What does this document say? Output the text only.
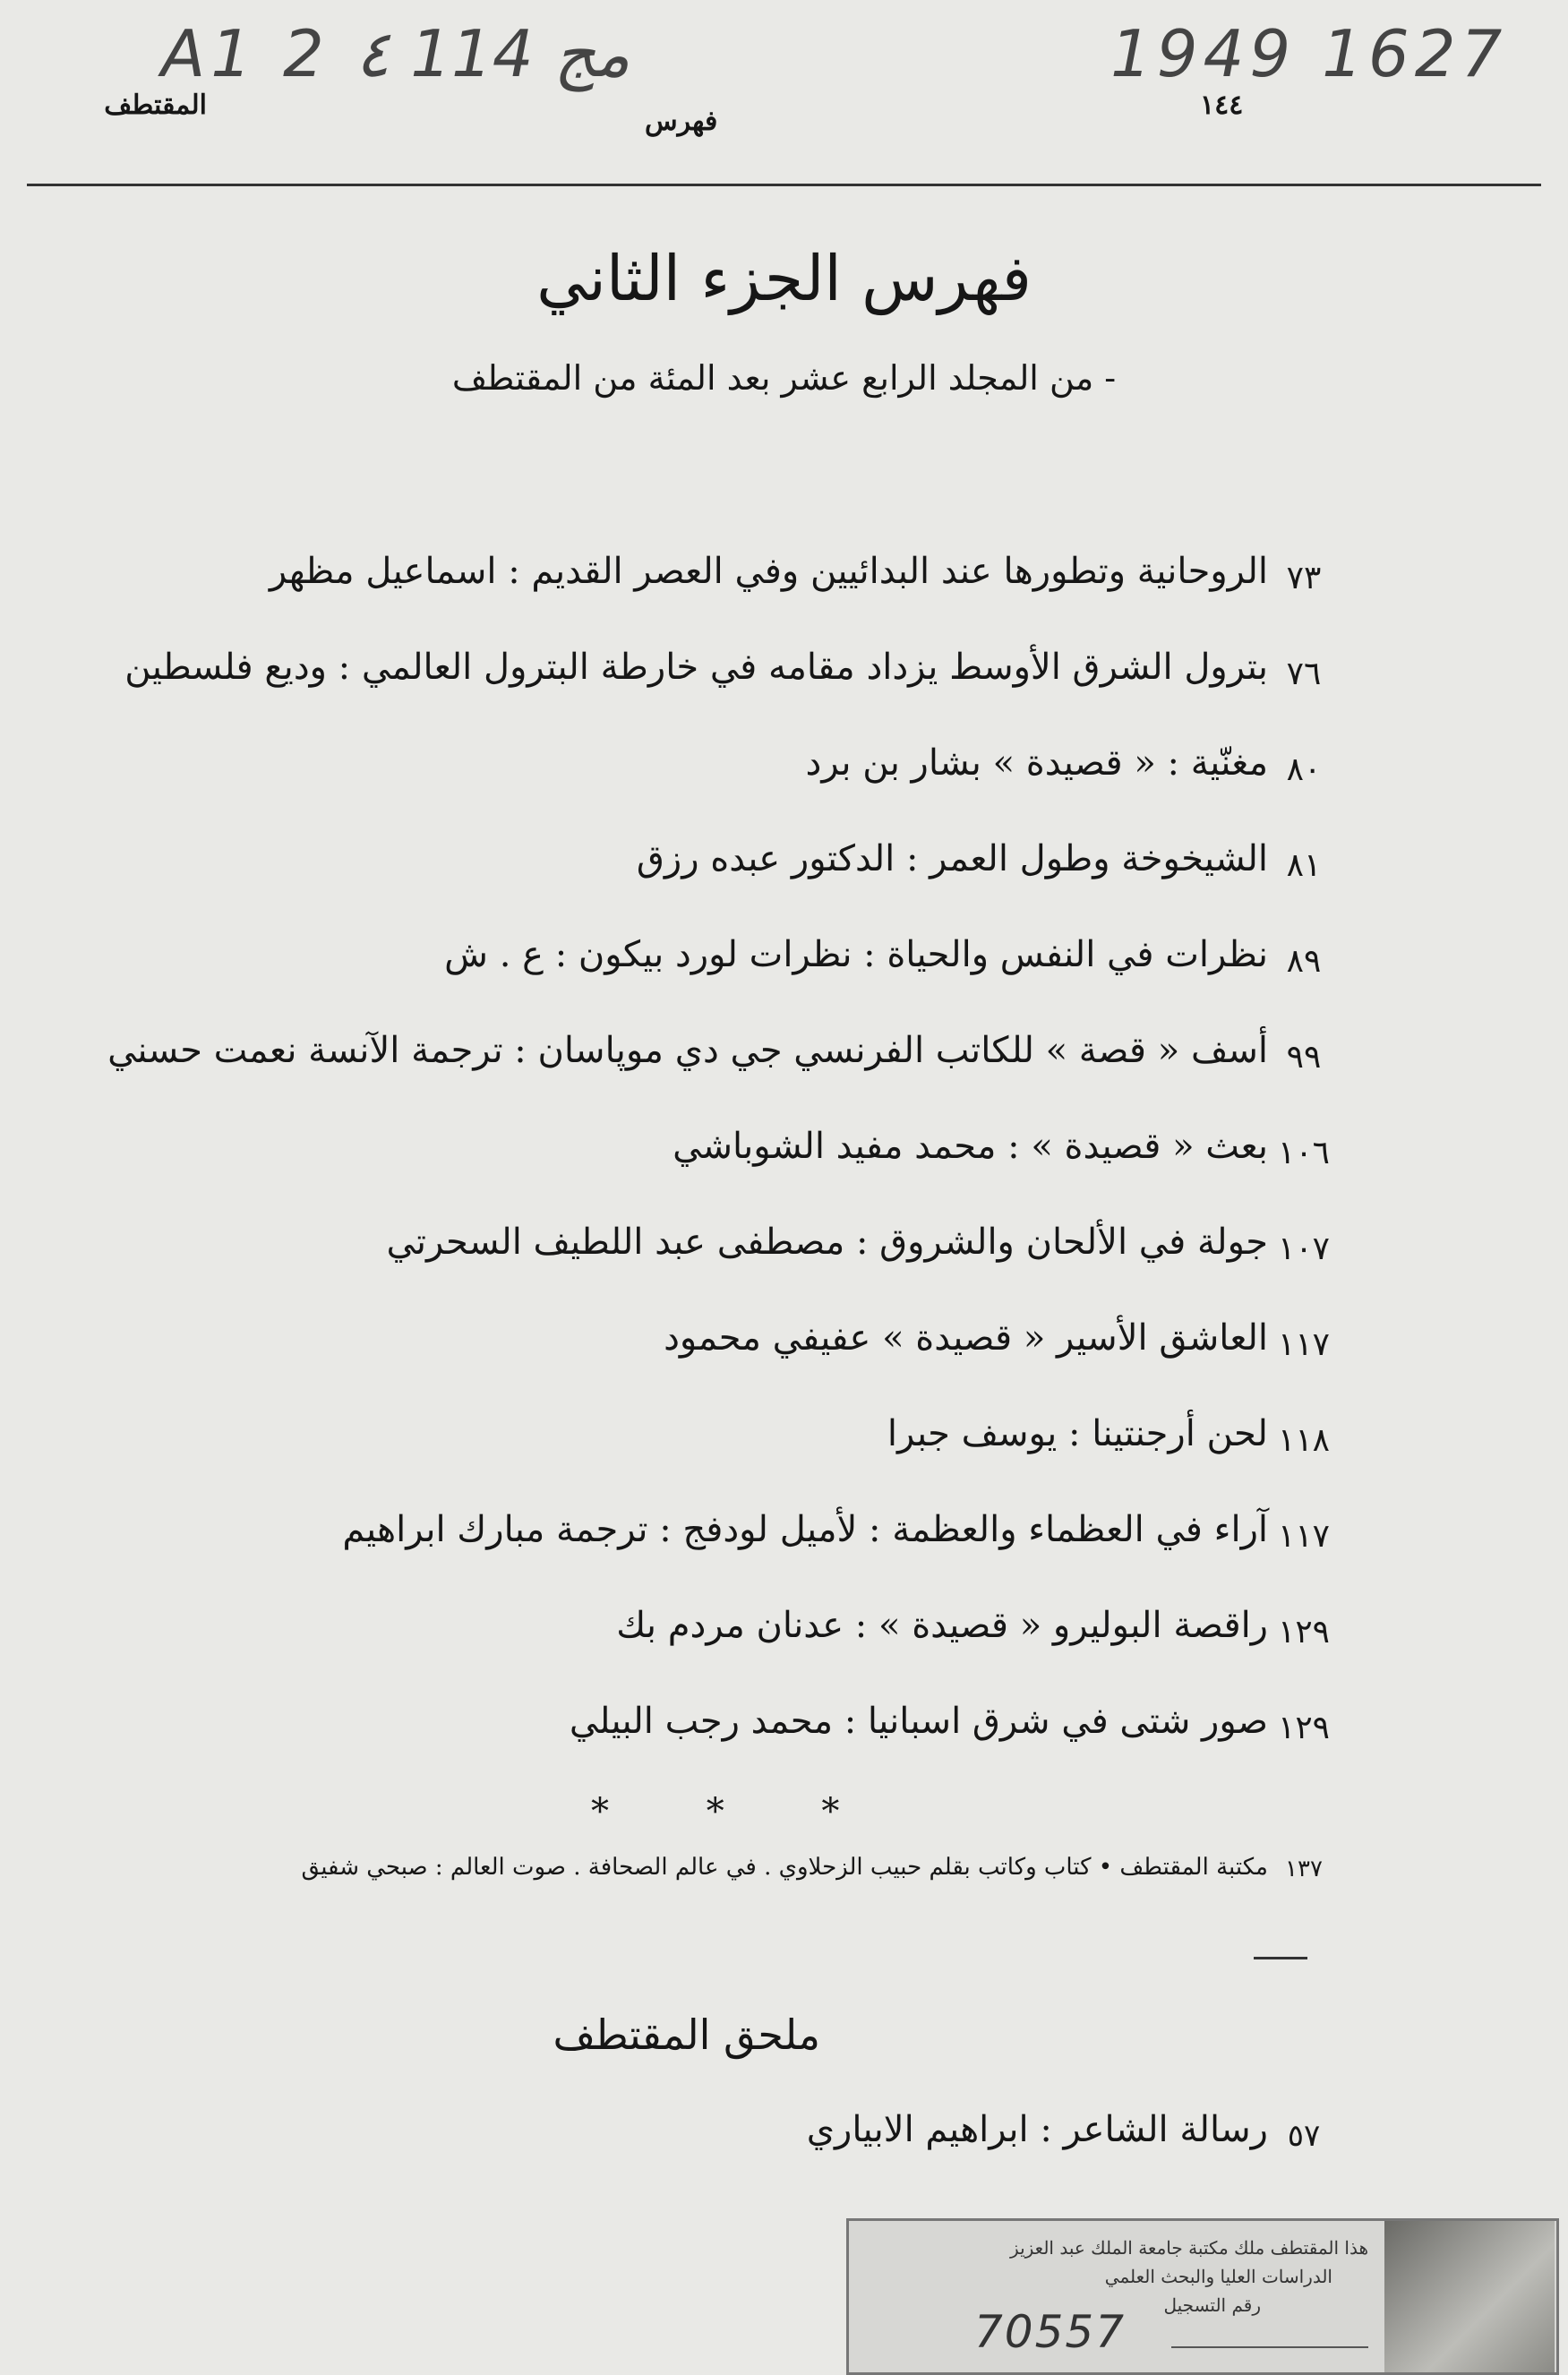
A1 2 ٤ 114 مج	1949 1627
المقتطف
فهرس
١٤٤
فهرس الجزء الثاني
- من المجلد الرابع عشر بعد المئة من المقتطف
٧٣
الروحانية وتطورها عند البدائيين وفي العصر القديم : اسماعيل مظهر
٧٦
بترول الشرق الأوسط يزداد مقامه في خارطة البترول العالمي : وديع فلسطين
٨٠
مغنّية : « قصيدة » بشار بن برد
٨١
الشيخوخة وطول العمر : الدكتور عبده رزق
٨٩
نظرات في النفس والحياة : نظرات لورد بيكون : ع . ش
٩٩
أسف « قصة » للكاتب الفرنسي جي دي موپاسان : ترجمة الآنسة نعمت حسني
١٠٦
بعث « قصيدة » : محمد مفيد الشوباشي
١٠٧
جولة في الألحان والشروق : مصطفى عبد اللطيف السحرتي
١١٧
العاشق الأسير « قصيدة » عفيفي محمود
١١٨
لحن أرجنتينا : يوسف جبرا
١١٧
آراء في العظماء والعظمة : لأميل لودفج : ترجمة مبارك ابراهيم
١٢٩
راقصة البوليرو « قصيدة » : عدنان مردم بك
١٢٩
صور شتى في شرق اسبانيا : محمد رجب البيلي
* * *
١٣٧
مكتبة المقتطف • كتاب وكاتب بقلم حبيب الزحلاوي . في عالم الصحافة . صوت العالم : صبحي شفيق
ملحق المقتطف
٥٧
رسالة الشاعر : ابراهيم الابياري
هذا المقتطف ملك مكتبة جامعة الملك عبد العزيز
الدراسات العليا والبحث العلمي
رقم التسجيل
70557
